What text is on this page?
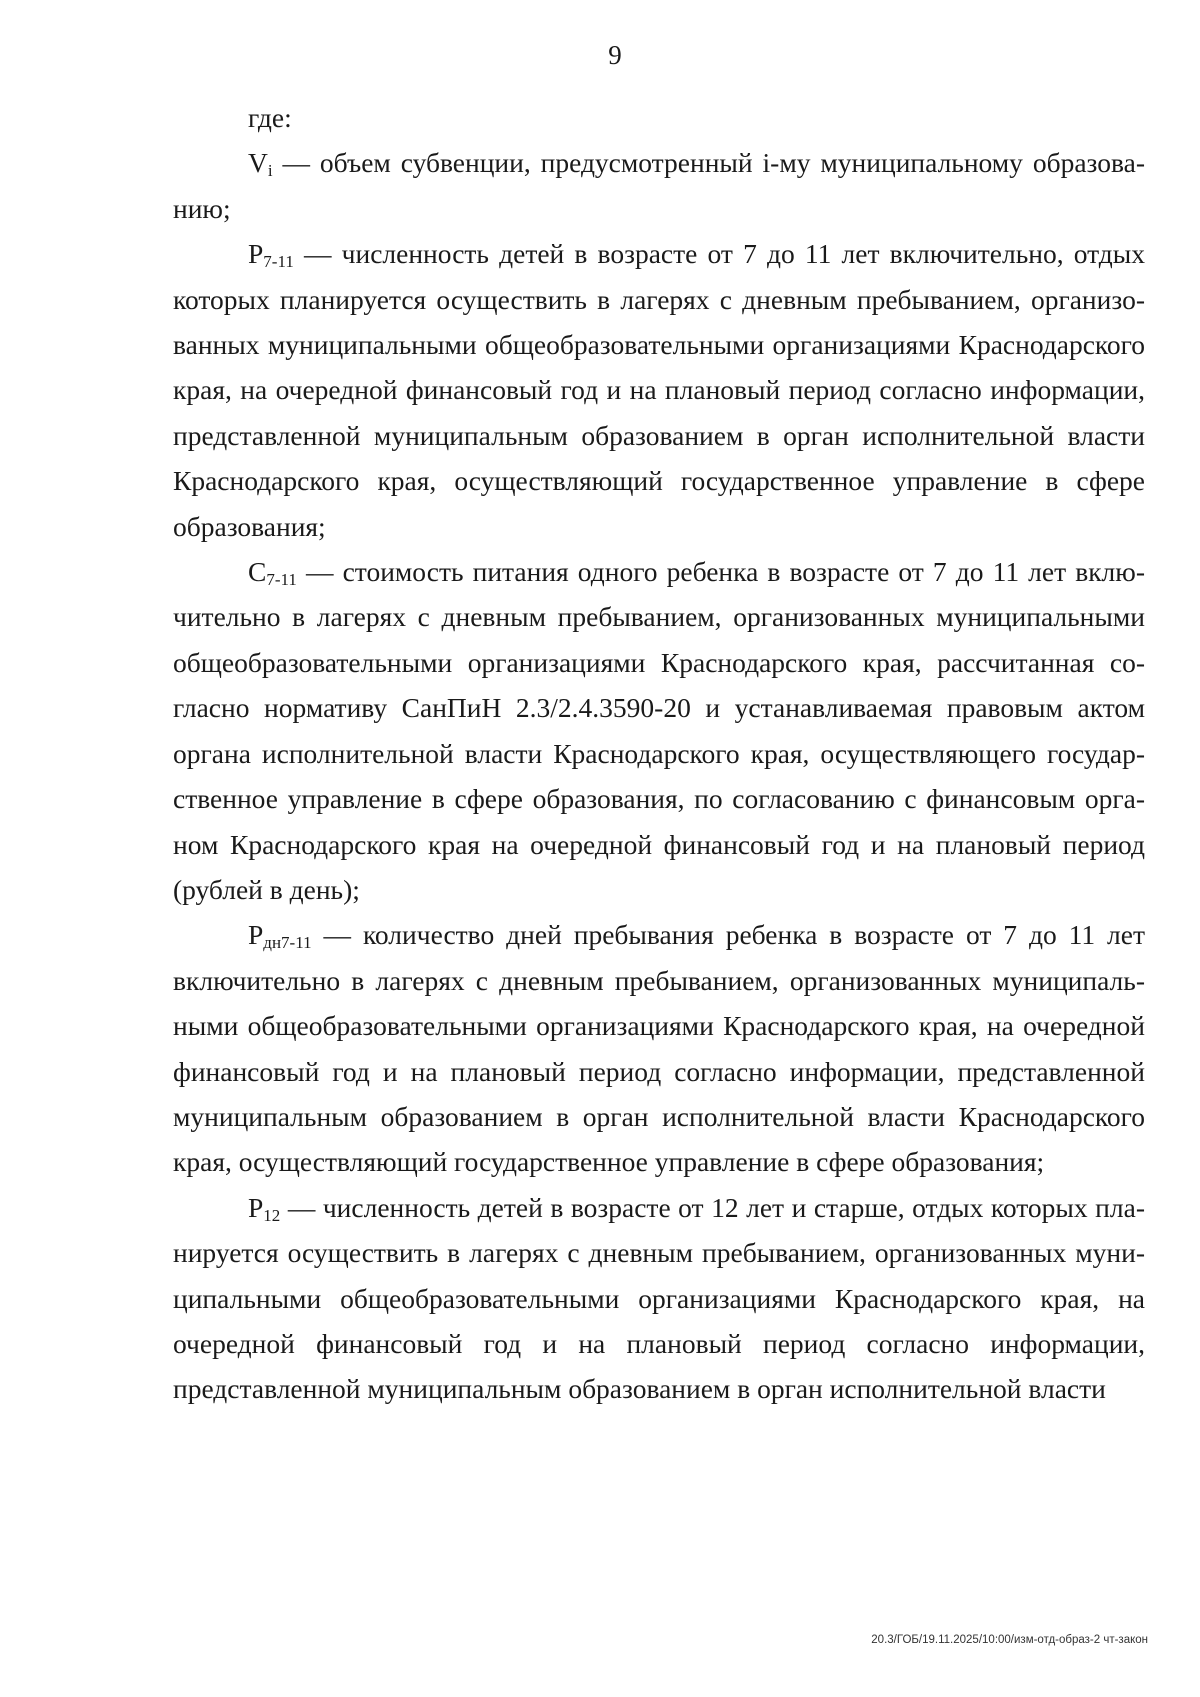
9

где:

$V_i$ — объем субвенции, предусмотренный i-му муниципальному образованию;

$P_{7-11}$ — численность детей в возрасте от 7 до 11 лет включительно, отдых которых планируется осуществить в лагерях с дневным пребыванием, организованных муниципальными общеобразовательными организациями Краснодарского края, на очередной финансовый год и на плановый период согласно информации, представленной муниципальным образованием в орган исполнительной власти Краснодарского края, осуществляющий государственное управление в сфере образования;

$C_{7-11}$ — стоимость питания одного ребенка в возрасте от 7 до 11 лет включительно в лагерях с дневным пребыванием, организованных муниципальными общеобразовательными организациями Краснодарского края, рассчитанная согласно нормативу СанПиН 2.3/2.4.3590-20 и устанавливаемая правовым актом органа исполнительной власти Краснодарского края, осуществляющего государственное управление в сфере образования, по согласованию с финансовым органом Краснодарского края на очередной финансовый год и на плановый период (рублей в день);

$P_{дн7-11}$ — количество дней пребывания ребенка в возрасте от 7 до 11 лет включительно в лагерях с дневным пребыванием, организованных муниципальными общеобразовательными организациями Краснодарского края, на очередной финансовый год и на плановый период согласно информации, представленной муниципальным образованием в орган исполнительной власти Краснодарского края, осуществляющий государственное управление в сфере образования;

$P_{12}$ — численность детей в возрасте от 12 лет и старше, отдых которых планируется осуществить в лагерях с дневным пребыванием, организованных муниципальными общеобразовательными организациями Краснодарского края, на очередной финансовый год и на плановый период согласно информации, представленной муниципальным образованием в орган исполнительной власти

20.3/ГОБ/19.11.2025/10:00/изм-отд-образ-2 чт-закон
